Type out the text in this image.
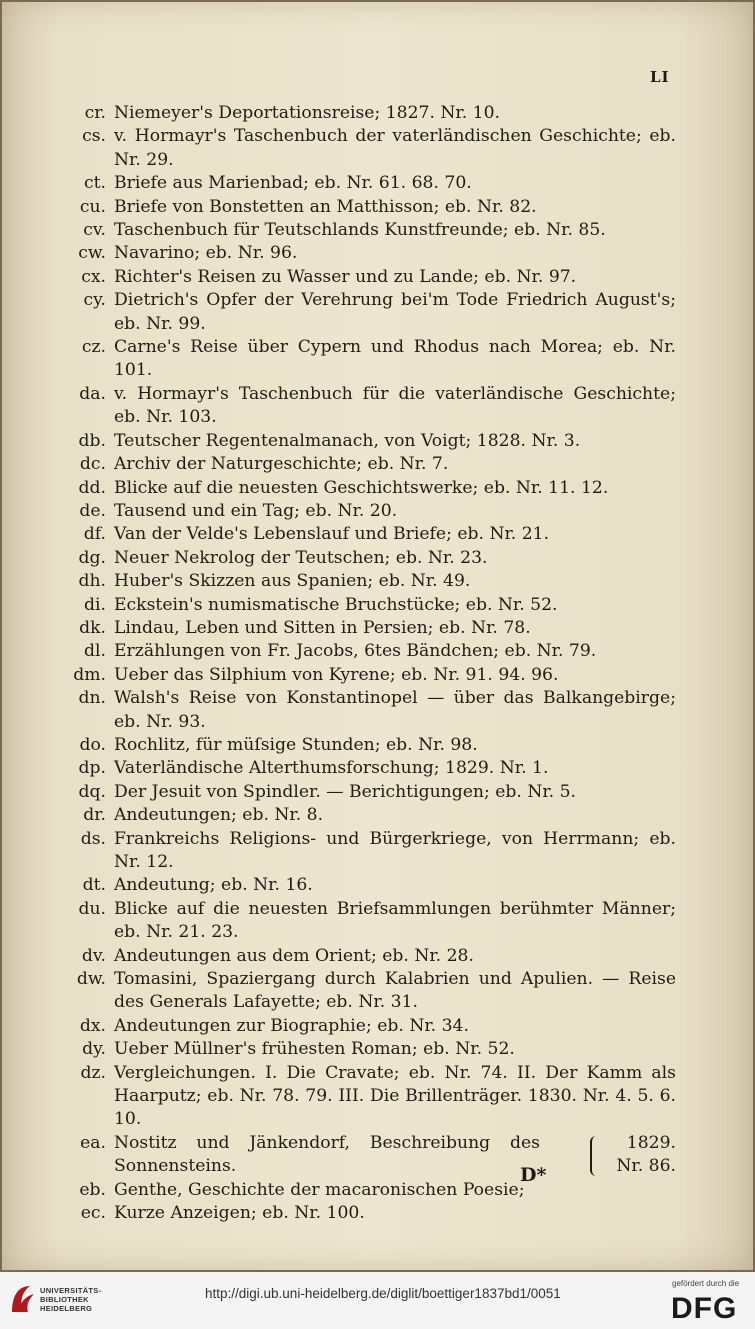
LI
cr. Niemeyer's Deportationsreise; 1827. Nr. 10.
cs. v. Hormayr's Taschenbuch der vaterländischen Geschichte; eb. Nr. 29.
ct. Briefe aus Marienbad; eb. Nr. 61. 68. 70.
cu. Briefe von Bonstetten an Matthisson; eb. Nr. 82.
cv. Taschenbuch für Teutschlands Kunstfreunde; eb. Nr. 85.
cw. Navarino; eb. Nr. 96.
cx. Richter's Reisen zu Wasser und zu Lande; eb. Nr. 97.
cy. Dietrich's Opfer der Verehrung bei'm Tode Friedrich August's; eb. Nr. 99.
cz. Carne's Reise über Cypern und Rhodus nach Morea; eb. Nr. 101.
da. v. Hormayr's Taschenbuch für die vaterländische Geschichte; eb. Nr. 103.
db. Teutscher Regentenalmanach, von Voigt; 1828. Nr. 3.
dc. Archiv der Naturgeschichte; eb. Nr. 7.
dd. Blicke auf die neuesten Geschichtswerke; eb. Nr. 11. 12.
de. Tausend und ein Tag; eb. Nr. 20.
df. Van der Velde's Lebenslauf und Briefe; eb. Nr. 21.
dg. Neuer Nekrolog der Teutschen; eb. Nr. 23.
dh. Huber's Skizzen aus Spanien; eb. Nr. 49.
di. Eckstein's numismatische Bruchstücke; eb. Nr. 52.
dk. Lindau, Leben und Sitten in Persien; eb. Nr. 78.
dl. Erzählungen von Fr. Jacobs, 6tes Bändchen; eb. Nr. 79.
dm. Ueber das Silphium von Kyrene; eb. Nr. 91. 94. 96.
dn. Walsh's Reise von Konstantinopel — über das Balkangebirge; eb. Nr. 93.
do. Rochlitz, für müſsige Stunden; eb. Nr. 98.
dp. Vaterländische Alterthumsforschung; 1829. Nr. 1.
dq. Der Jesuit von Spindler. — Berichtigungen; eb. Nr. 5.
dr. Andeutungen; eb. Nr. 8.
ds. Frankreichs Religions- und Bürgerkriege, von Herrmann; eb. Nr. 12.
dt. Andeutung; eb. Nr. 16.
du. Blicke auf die neuesten Briefsammlungen berühmter Männer; eb. Nr. 21. 23.
dv. Andeutungen aus dem Orient; eb. Nr. 28.
dw. Tomasini, Spaziergang durch Kalabrien und Apulien. — Reise des Generals Lafayette; eb. Nr. 31.
dx. Andeutungen zur Biographie; eb. Nr. 34.
dy. Ueber Müllner's frühesten Roman; eb. Nr. 52.
dz. Vergleichungen. I. Die Cravate; eb. Nr. 74. II. Der Kamm als Haarputz; eb. Nr. 78. 79. III. Die Brillenträger. 1830. Nr. 4. 5. 6. 10.
ea. Nostitz und Jänkendorf, Beschreibung des Sonnensteins.
eb. Genthe, Geschichte der macaronischen Poesie;
1829.
Nr. 86.
ec. Kurze Anzeigen; eb. Nr. 100.
D*
UNIVERSITÄTS-
BIBLIOTHEK
HEIDELBERG
http://digi.ub.uni-heidelberg.de/diglit/boettiger1837bd1/0051
gefördert durch die
DFG
